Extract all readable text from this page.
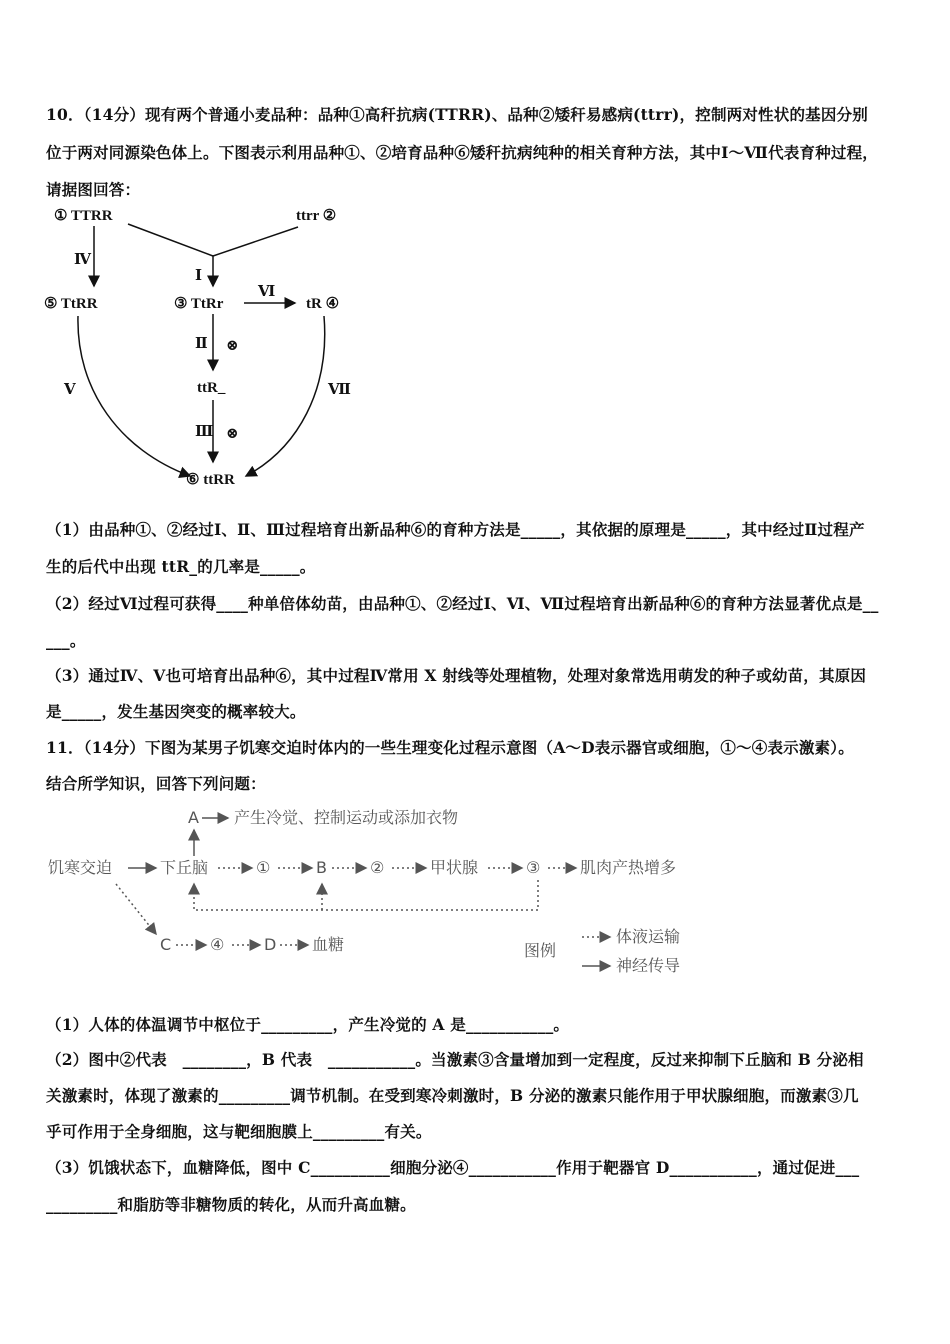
10．（14分）现有两个普通小麦品种：品种①高秆抗病(TTRR)、品种②矮秆易感病(ttrr)，控制两对性状的基因分别
位于两对同源染色体上。下图表示利用品种①、②培育品种⑥矮秆抗病纯种的相关育种方法，其中Ⅰ～Ⅶ代表育种过程，
请据图回答：
① TTRR	ttrr ②
Ⅰ
Ⅳ
⑤ TtRR	③ TtRr	tR ④
Ⅵ
Ⅱ ⊗
ttR_
Ⅲ ⊗
⑥ ttRR
Ⅴ	Ⅶ
（1）由品种①、②经过Ⅰ、Ⅱ、Ⅲ过程培育出新品种⑥的育种方法是_____，其依据的原理是_____，其中经过Ⅱ过程产
生的后代中出现 ttR_的几率是_____。
（2）经过Ⅵ过程可获得____种单倍体幼苗，由品种①、②经过Ⅰ、Ⅵ、Ⅶ过程培育出新品种⑥的育种方法显著优点是__
___。
（3）通过Ⅳ、Ⅴ也可培育出品种⑥，其中过程Ⅳ常用 X 射线等处理植物，处理对象常选用萌发的种子或幼苗，其原因
是_____，发生基因突变的概率较大。
11．（14分）下图为某男子饥寒交迫时体内的一些生理变化过程示意图（A～D表示器官或细胞，①～④表示激素）。
结合所学知识，回答下列问题：
A 产生冷觉、控制运动或添加衣物
饥寒交迫	下丘脑	①	B	②	甲状腺	③ 肌肉产热增多
C ④ D 血糖	图例
体液运输
神经传导
（1）人体的体温调节中枢位于_________，产生冷觉的 A 是___________。
（2）图中②代表　________，B 代表　___________。当激素③含量增加到一定程度，反过来抑制下丘脑和 B 分泌相
关激素时，体现了激素的_________调节机制。在受到寒冷刺激时，B 分泌的激素只能作用于甲状腺细胞，而激素③几
乎可作用于全身细胞，这与靶细胞膜上_________有关。
（3）饥饿状态下，血糖降低，图中 C__________细胞分泌④___________作用于靶器官 D___________，通过促进___
_________和脂肪等非糖物质的转化，从而升高血糖。
